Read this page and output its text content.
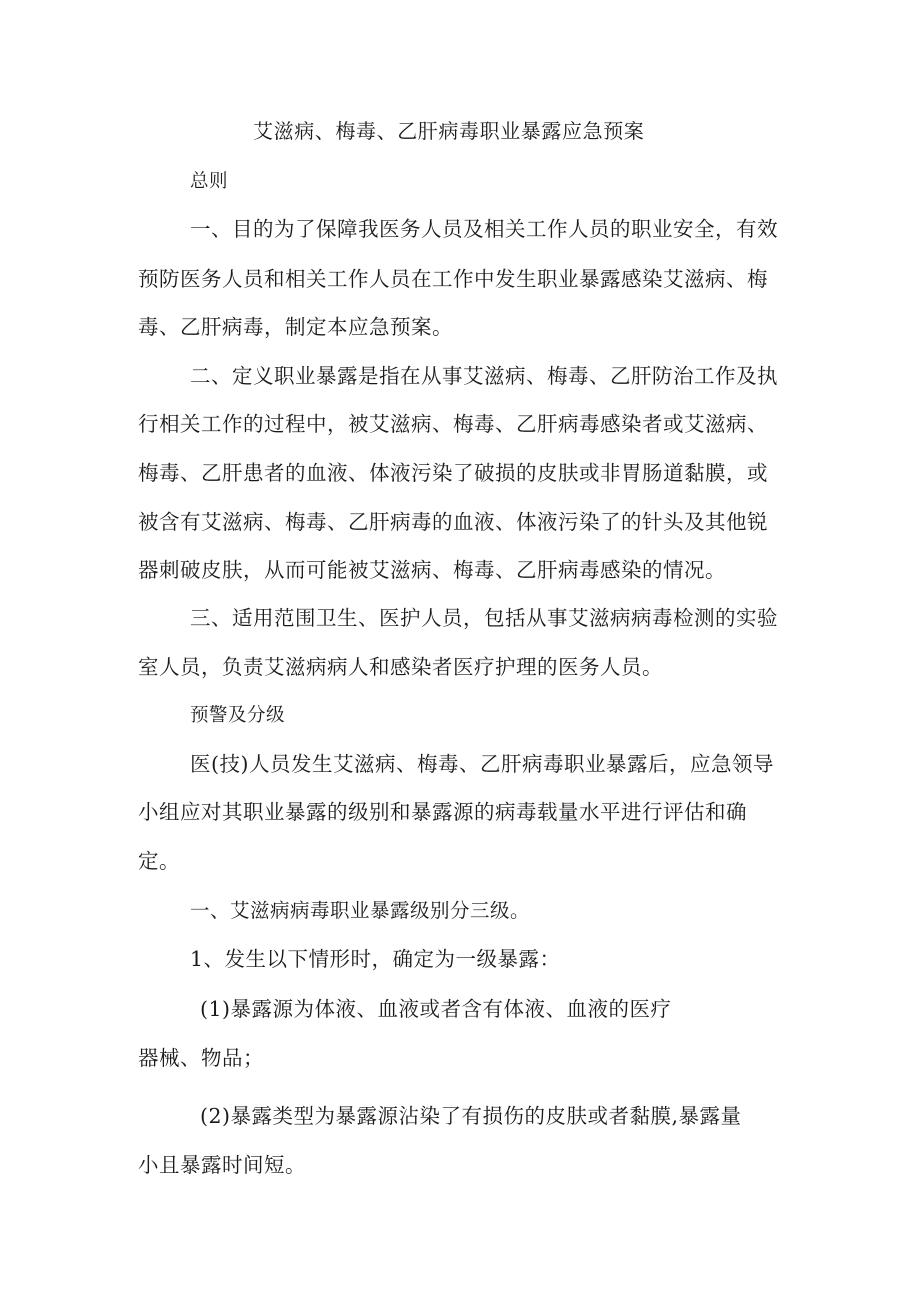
艾滋病、梅毒、乙肝病毒职业暴露应急预案
总则
一、目的为了保障我医务人员及相关工作人员的职业安全，有效
预防医务人员和相关工作人员在工作中发生职业暴露感染艾滋病、梅
毒、乙肝病毒，制定本应急预案。
二、定义职业暴露是指在从事艾滋病、梅毒、乙肝防治工作及执
行相关工作的过程中，被艾滋病、梅毒、乙肝病毒感染者或艾滋病、
梅毒、乙肝患者的血液、体液污染了破损的皮肤或非胃肠道黏膜，或
被含有艾滋病、梅毒、乙肝病毒的血液、体液污染了的针头及其他锐
器刺破皮肤，从而可能被艾滋病、梅毒、乙肝病毒感染的情况。
三、适用范围卫生、医护人员，包括从事艾滋病病毒检测的实验
室人员，负责艾滋病病人和感染者医疗护理的医务人员。
预警及分级
医(技)人员发生艾滋病、梅毒、乙肝病毒职业暴露后，应急领导
小组应对其职业暴露的级别和暴露源的病毒载量水平进行评估和确
定。
一、艾滋病病毒职业暴露级别分三级。
1、发生以下情形时，确定为一级暴露：
(1)暴露源为体液、血液或者含有体液、血液的医疗
器械、物品；
(2)暴露类型为暴露源沾染了有损伤的皮肤或者黏膜,暴露量
小且暴露时间短。
